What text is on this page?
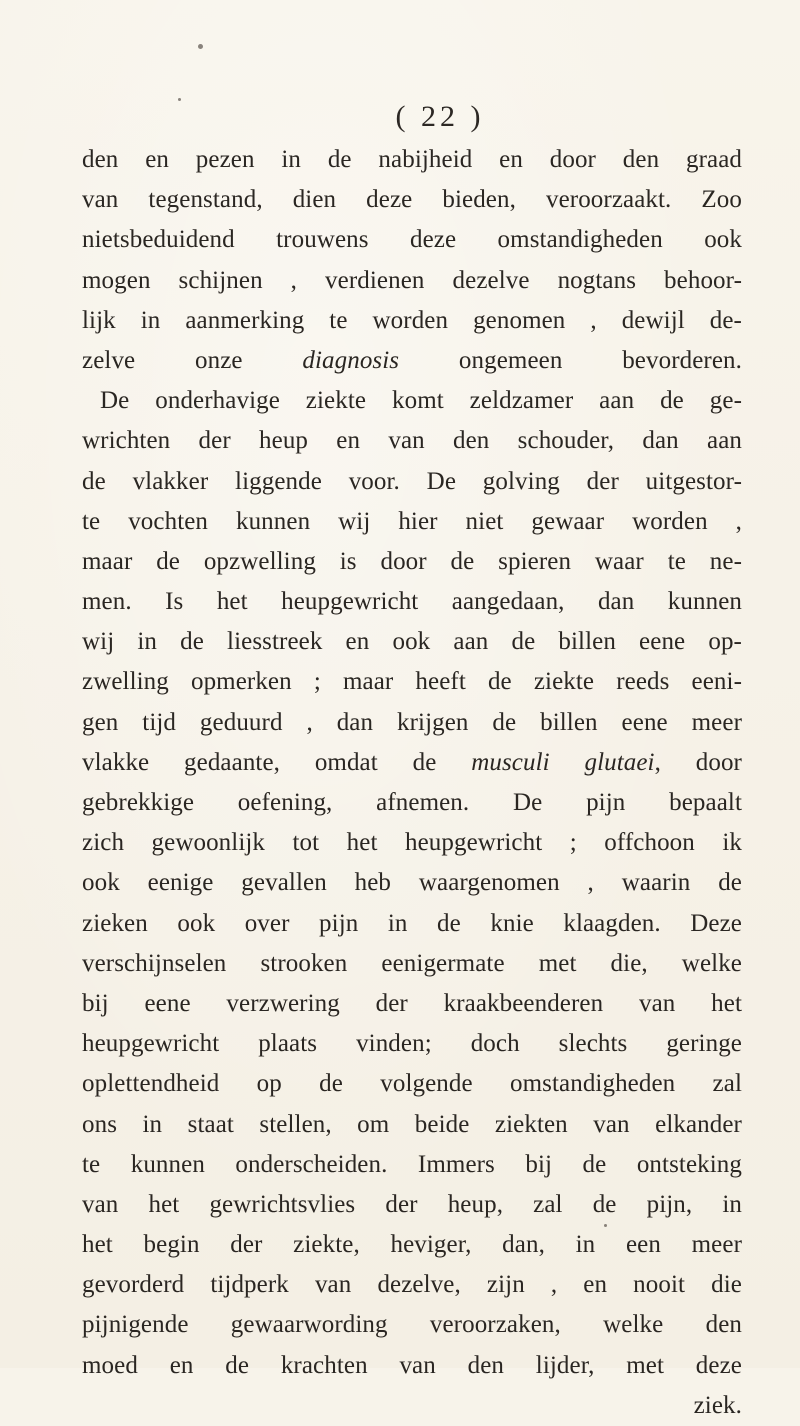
( 22 )
den en pezen in de nabijheid en door den graad
van tegenstand, dien deze bieden, veroorzaakt. Zoo
nietsbeduidend trouwens deze omstandigheden ook
mogen schijnen , verdienen dezelve nogtans behoor-
lijk in aanmerking te worden genomen , dewijl de-
zelve onze diagnosis ongemeen bevorderen.
De onderhavige ziekte komt zeldzamer aan de ge-
wrichten der heup en van den schouder, dan aan
de vlakker liggende voor. De golving der uitgestor-
te vochten kunnen wij hier niet gewaar worden ,
maar de opzwelling is door de spieren waar te ne-
men. Is het heupgewricht aangedaan, dan kunnen
wij in de liesstreek en ook aan de billen eene op-
zwelling opmerken ; maar heeft de ziekte reeds eeni-
gen tijd geduurd , dan krijgen de billen eene meer
vlakke gedaante, omdat de musculi glutaei, door
gebrekkige oefening, afnemen. De pijn bepaalt
zich gewoonlijk tot het heupgewricht ; offchoon ik
ook eenige gevallen heb waargenomen , waarin de
zieken ook over pijn in de knie klaagden. Deze
verschijnselen strooken eenigermate met die, welke
bij eene verzwering der kraakbeenderen van het
heupgewricht plaats vinden; doch slechts geringe
oplettendheid op de volgende omstandigheden zal
ons in staat stellen, om beide ziekten van elkander
te kunnen onderscheiden. Immers bij de ontsteking
van het gewrichtsvlies der heup, zal de pijn, in
het begin der ziekte, heviger, dan, in een meer
gevorderd tijdperk van dezelve, zijn , en nooit die
pijnigende gewaarwording veroorzaken, welke den
moed en de krachten van den lijder, met deze
ziek.
